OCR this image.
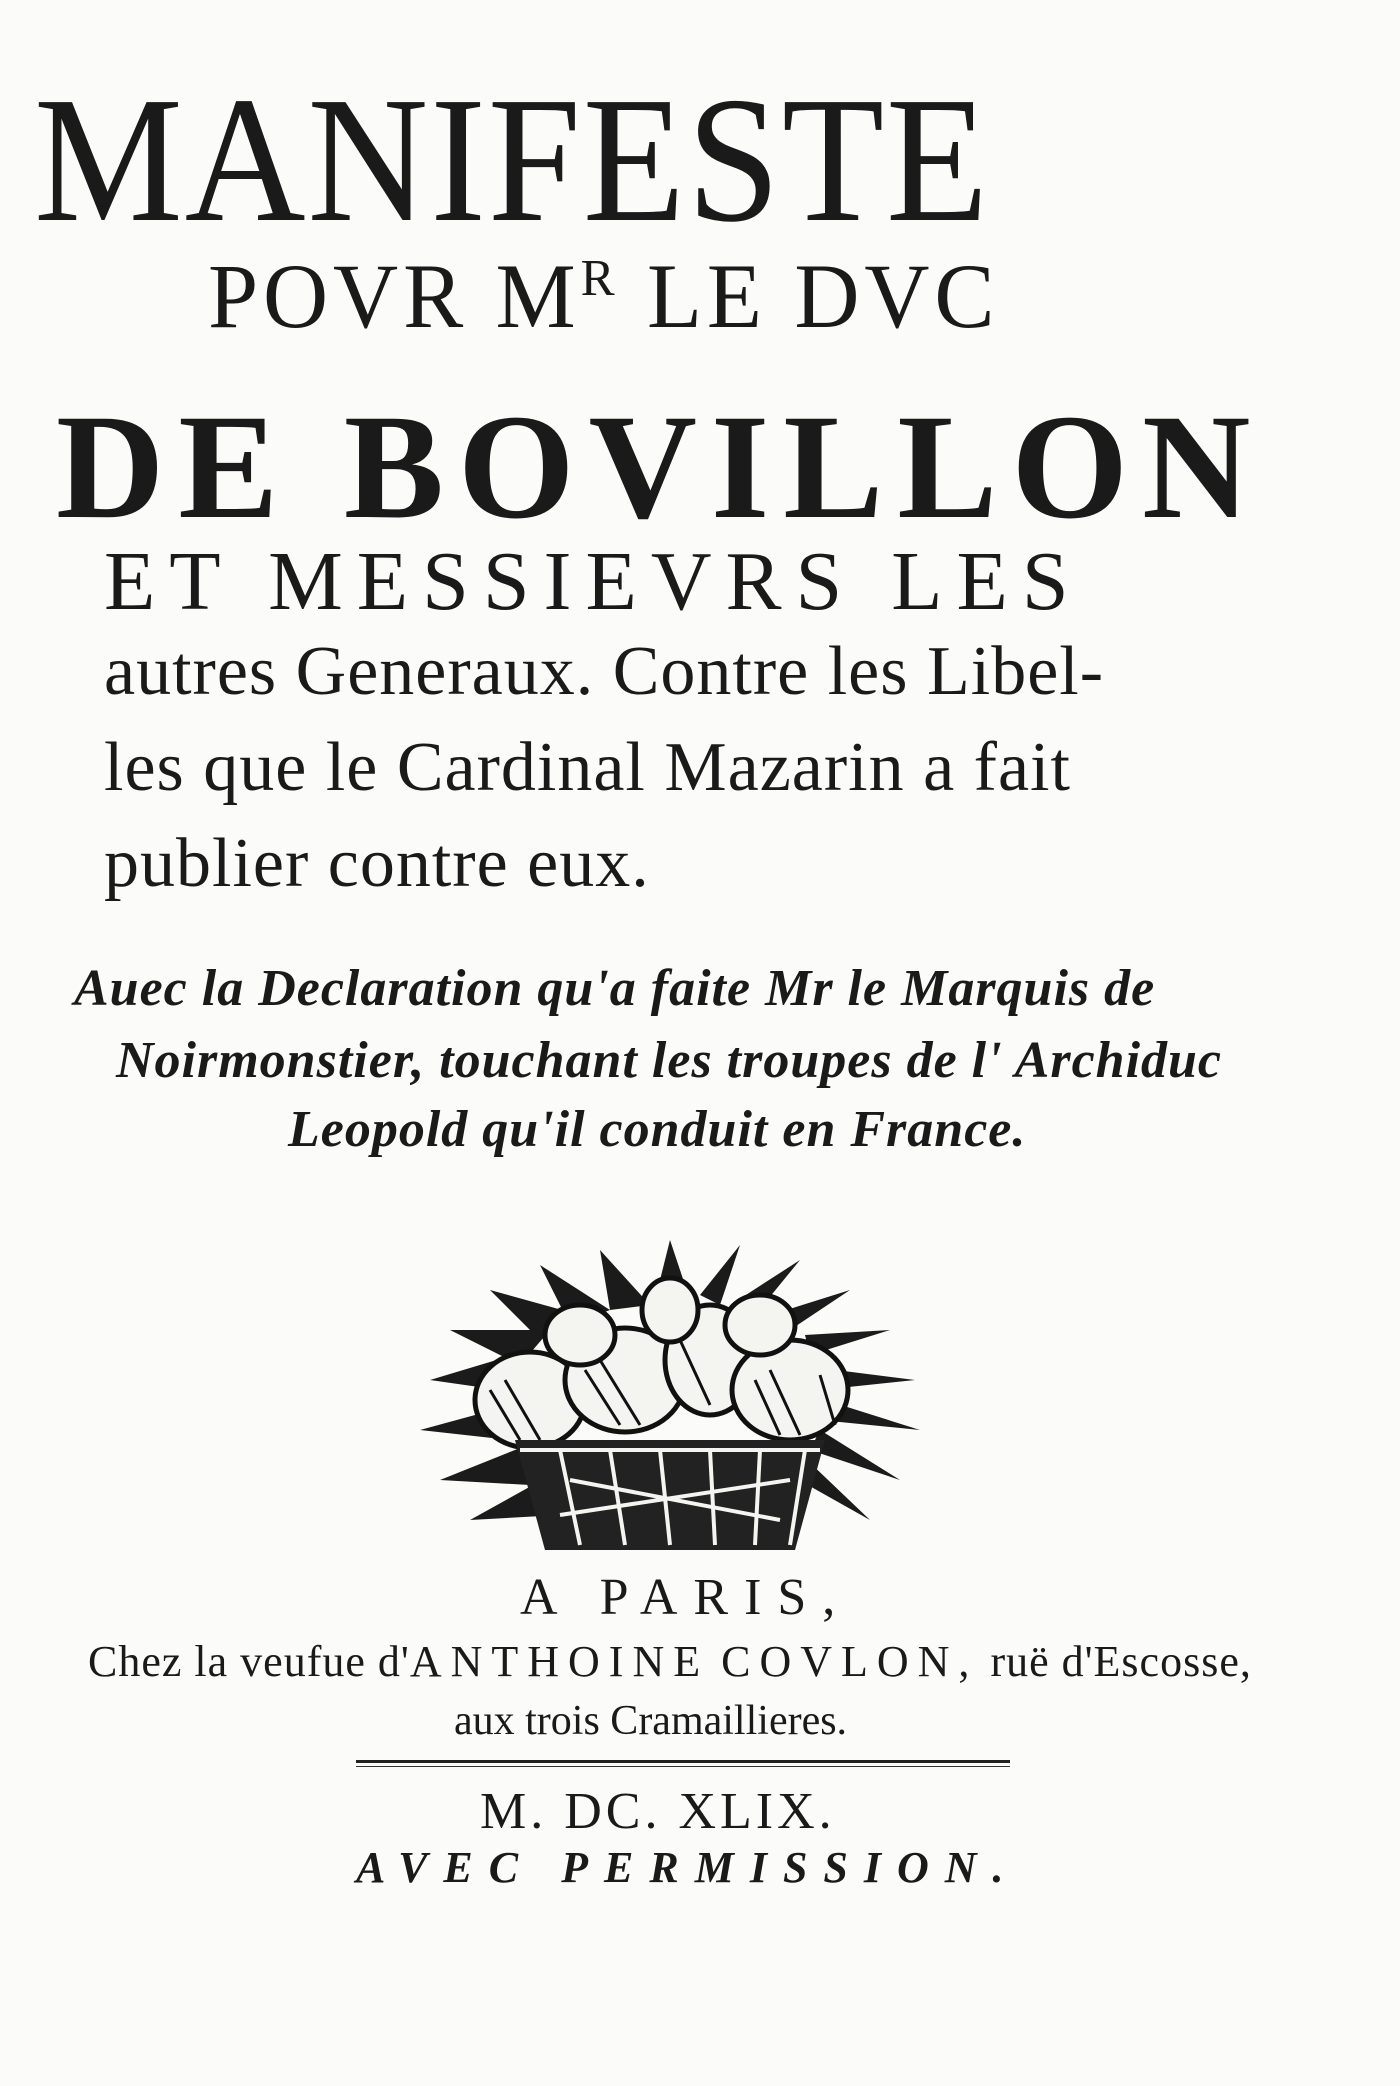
MANIFESTE
POVR $M^R$ LE DVC
DE BOVILLON
ET MESSIEVRS LES
autres Generaux. Contre les Libel-
les que le Cardinal Mazarin a fait
publier contre eux.
Auec la Declaration qu'a faite Mr le Marquis de
Noirmonstier, touchant les troupes de l' Archiduc
Leopold qu'il conduit en France.
A PARIS,
Chez la veufue d'ANTHOINE COVLON, ruë d'Escosse,
aux trois Cramaillieres.
M. DC. XLIX.
AVEC PERMISSION.
